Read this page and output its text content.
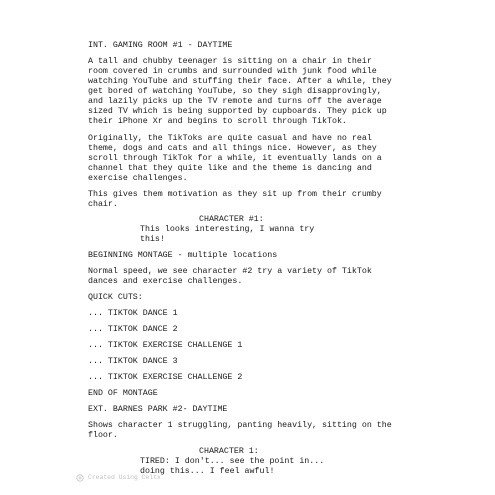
INT. GAMING ROOM #1 - DAYTIME
A tall and chubby teenager is sitting on a chair in their
room covered in crumbs and surrounded with junk food while
watching YouTube and stuffing their face. After a while, they
get bored of watching YouTube, so they sigh disapprovingly,
and lazily picks up the TV remote and turns off the average
sized TV which is being supported by cupboards. They pick up
their iPhone Xr and begins to scroll through TikTok.
Originally, the TikToks are quite casual and have no real
theme, dogs and cats and all things nice. However, as they
scroll through TikTok for a while, it eventually lands on a
channel that they quite like and the theme is dancing and
exercise challenges.
This gives them motivation as they sit up from their crumby
chair.
CHARACTER #1:
This looks interesting, I wanna try
this!
BEGINNING MONTAGE - multiple locations
Normal speed, we see character #2 try a variety of TikTok
dances and exercise challenges.
QUICK CUTS:
... TIKTOK DANCE 1
... TIKTOK DANCE 2
... TIKTOK EXERCISE CHALLENGE 1
... TIKTOK DANCE 3
... TIKTOK EXERCISE CHALLENGE 2
END OF MONTAGE
EXT. BARNES PARK #2- DAYTIME
Shows character 1 struggling, panting heavily, sitting on the
floor.
CHARACTER 1:
TIRED: I don't... see the point in...
doing this... I feel awful!
Created Using Celtx
